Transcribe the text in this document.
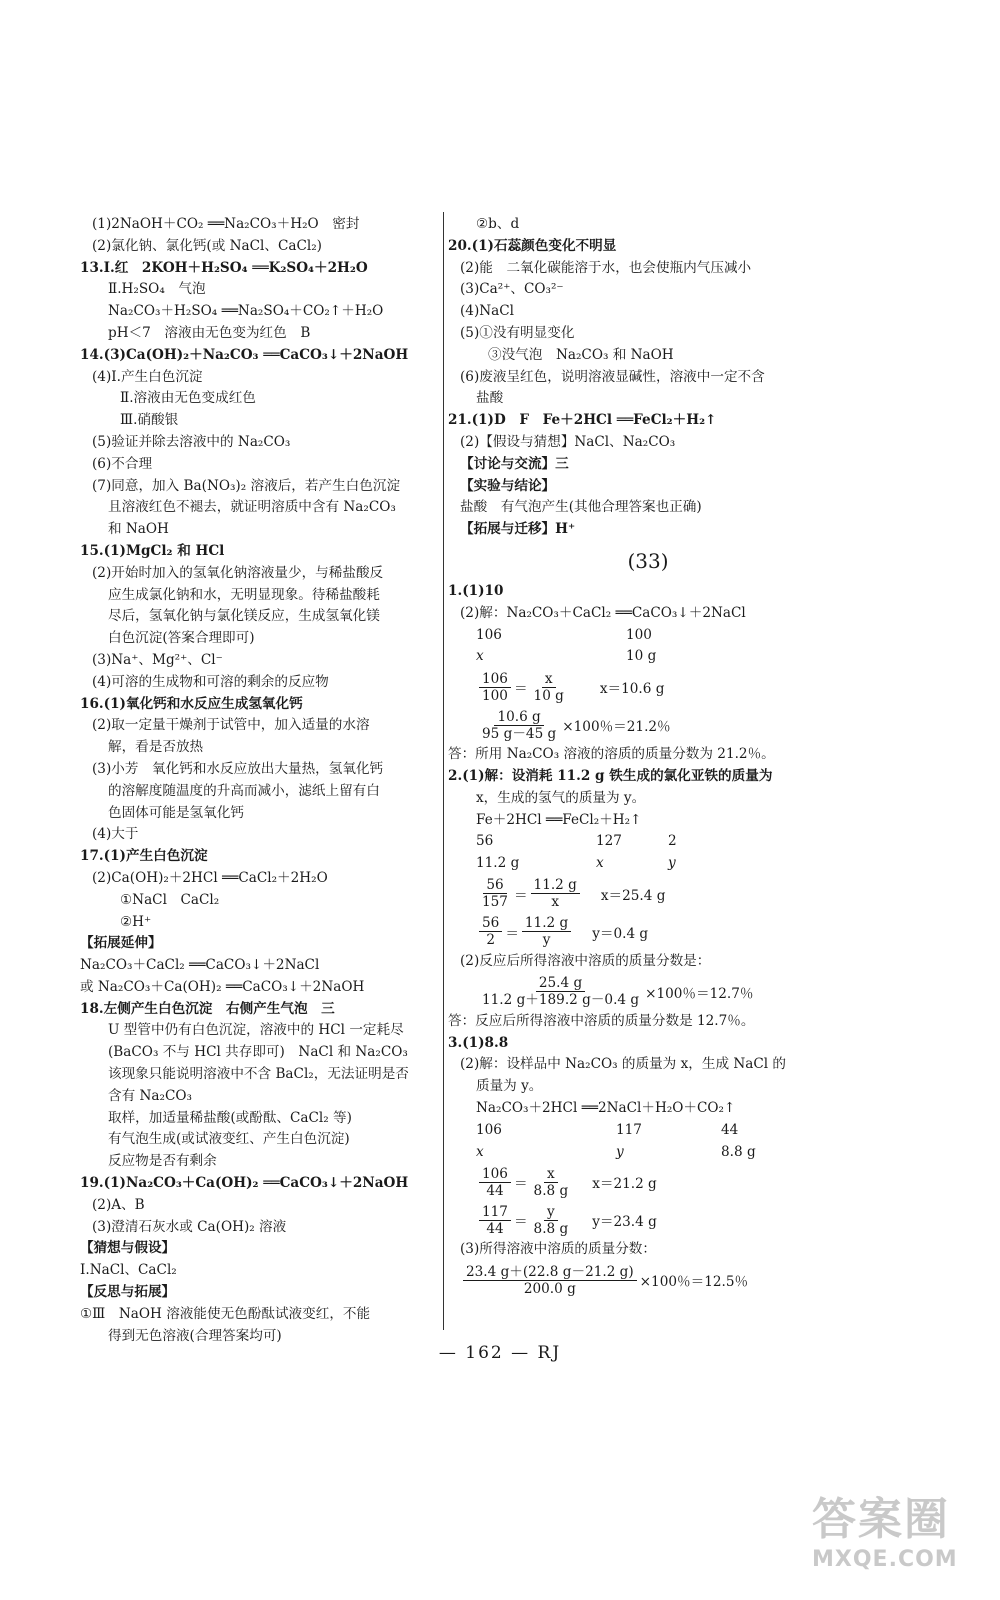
(1)2NaOH＋CO₂ ══Na₂CO₃＋H₂O　密封
(2)氯化钠、氯化钙(或 NaCl、CaCl₂)
13.Ⅰ.红　2KOH＋H₂SO₄ ══K₂SO₄＋2H₂O
Ⅱ.H₂SO₄　气泡
Na₂CO₃＋H₂SO₄ ══Na₂SO₄＋CO₂↑＋H₂O
pH＜7　溶液由无色变为红色　B
14.(3)Ca(OH)₂＋Na₂CO₃ ══CaCO₃↓＋2NaOH
(4)Ⅰ.产生白色沉淀
Ⅱ.溶液由无色变成红色
Ⅲ.硝酸银
(5)验证并除去溶液中的 Na₂CO₃
(6)不合理
(7)同意，加入 Ba(NO₃)₂ 溶液后，若产生白色沉淀
且溶液红色不褪去，就证明溶质中含有 Na₂CO₃
和 NaOH
15.(1)MgCl₂ 和 HCl
(2)开始时加入的氢氧化钠溶液量少，与稀盐酸反
应生成氯化钠和水，无明显现象。待稀盐酸耗
尽后，氢氧化钠与氯化镁反应，生成氢氧化镁
白色沉淀(答案合理即可)
(3)Na⁺、Mg²⁺、Cl⁻
(4)可溶的生成物和可溶的剩余的反应物
16.(1)氧化钙和水反应生成氢氧化钙
(2)取一定量干燥剂于试管中，加入适量的水溶
解，看是否放热
(3)小芳　氧化钙和水反应放出大量热，氢氧化钙
的溶解度随温度的升高而减小，滤纸上留有白
色固体可能是氢氧化钙
(4)大于
17.(1)产生白色沉淀
(2)Ca(OH)₂＋2HCl ══CaCl₂＋2H₂O
①NaCl　CaCl₂
②H⁺
【拓展延伸】
Na₂CO₃＋CaCl₂ ══CaCO₃↓＋2NaCl
或 Na₂CO₃＋Ca(OH)₂ ══CaCO₃↓＋2NaOH
18.左侧产生白色沉淀　右侧产生气泡　三
U 型管中仍有白色沉淀，溶液中的 HCl 一定耗尽
(BaCO₃ 不与 HCl 共存即可)　NaCl 和 Na₂CO₃
该现象只能说明溶液中不含 BaCl₂，无法证明是否
含有 Na₂CO₃
取样，加适量稀盐酸(或酚酞、CaCl₂ 等)
有气泡生成(或试液变红、产生白色沉淀)
反应物是否有剩余
19.(1)Na₂CO₃＋Ca(OH)₂ ══CaCO₃↓＋2NaOH
(2)A、B
(3)澄清石灰水或 Ca(OH)₂ 溶液
【猜想与假设】
Ⅰ.NaCl、CaCl₂
【反思与拓展】
①Ⅲ　NaOH 溶液能使无色酚酞试液变红，不能
得到无色溶液(合理答案均可)
②b、d
20.(1)石蕊颜色变化不明显
(2)能　二氧化碳能溶于水，也会使瓶内气压减小
(3)Ca²⁺、CO₃²⁻
(4)NaCl
(5)①没有明显变化
③没气泡　Na₂CO₃ 和 NaOH
(6)废液呈红色，说明溶液显碱性，溶液中一定不含
盐酸
21.(1)D　F　Fe＋2HCl ══FeCl₂＋H₂↑
(2)【假设与猜想】NaCl、Na₂CO₃
【讨论与交流】三
【实验与结论】
盐酸　有气泡产生(其他合理答案也正确)
【拓展与迁移】H⁺
(33)
1.(1)10
(2)解：Na₂CO₃＋CaCl₂ ══CaCO₃↓＋2NaCl
106	100
x	10 g
$\frac{106}{100} = \frac{x}{10 g} x=10.6$ g
$\frac{10.6 g}{95 g-45 g} \times 100$％＝21.2％
答：所用 Na₂CO₃ 溶液的溶质的质量分数为 21.2％。
2.(1)解：设消耗 11.2 g 铁生成的氯化亚铁的质量为
x，生成的氢气的质量为 y。
Fe＋2HCl ══FeCl₂＋H₂↑
56	127	2
11.2 g	x	y
$\frac{56}{157} = \frac{11.2 g}{x} x=25.4$ g
$\frac{56}{2} = \frac{11.2 g}{y} y=0.4$ g
(2)反应后所得溶液中溶质的质量分数是：
$\frac{25.4 g}{11.2 g+189.2 g-0.4 g} \times 100$％＝12.7％
答：反应后所得溶液中溶质的质量分数是 12.7％。
3.(1)8.8
(2)解：设样品中 Na₂CO₃ 的质量为 x，生成 NaCl 的
质量为 y。
Na₂CO₃＋2HCl ══2NaCl＋H₂O＋CO₂↑
106	117	44
x	y	8.8 g
$\frac{106}{44} = \frac{x}{8.8 g} x=21.2$ g
$\frac{117}{44} = \frac{y}{8.8 g} y=23.4$ g
(3)所得溶液中溶质的质量分数：
$\frac{23.4 g+(22.8 g-21.2 g)}{200.0 g} \times 100$％＝12.5％
— 162 — RJ
答案圈
MXQE.COM
